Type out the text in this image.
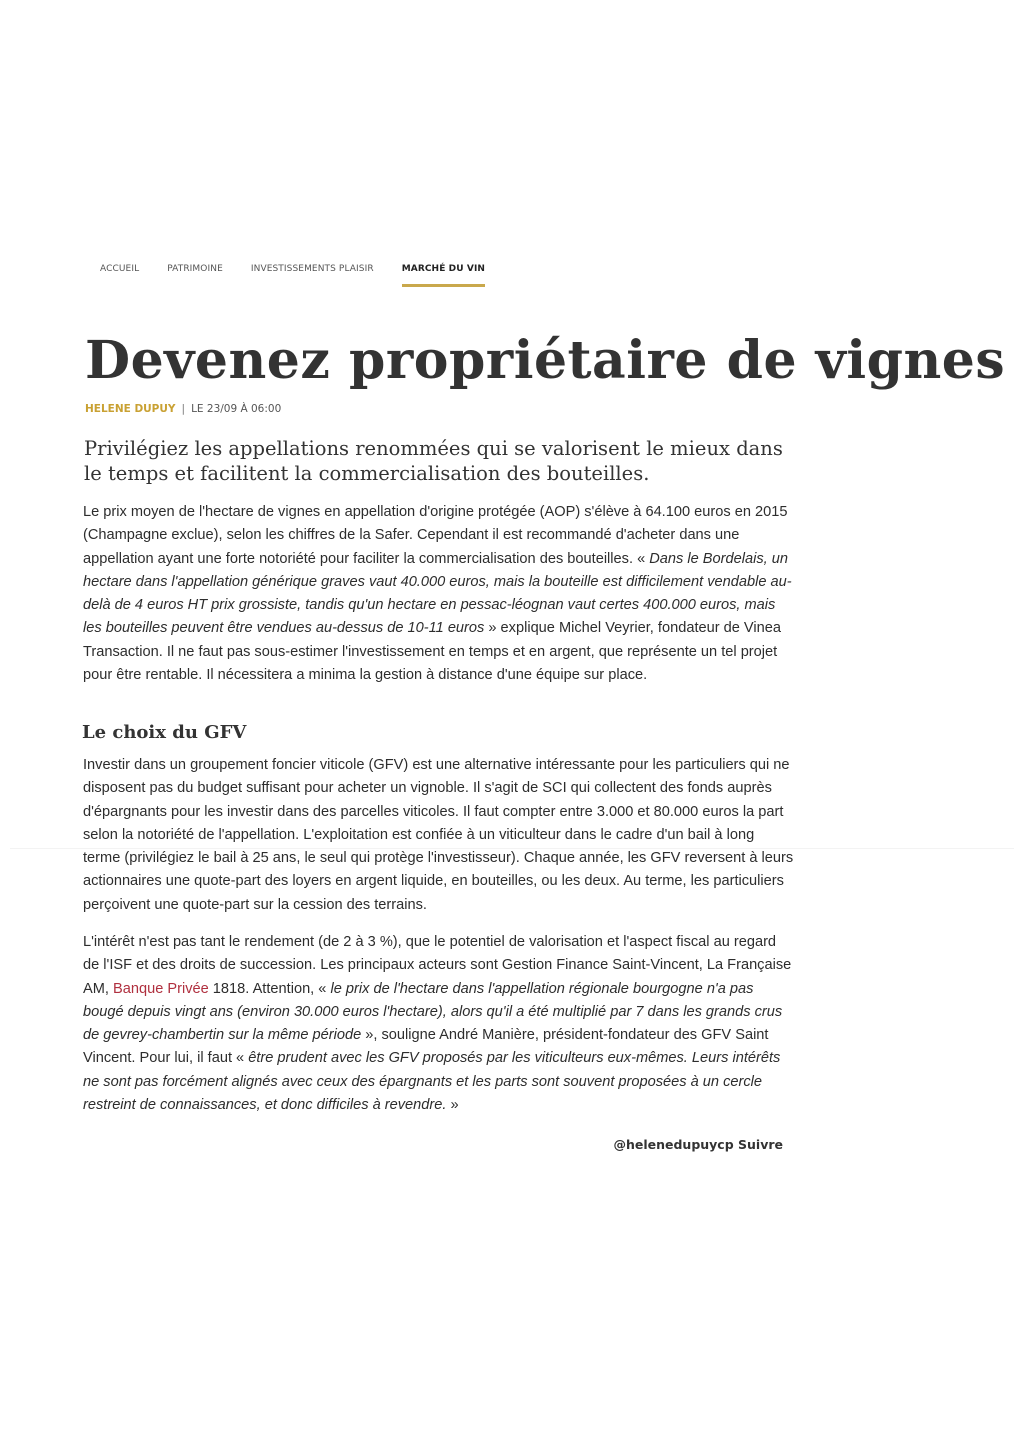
ACCUEIL	PATRIMOINE	INVESTISSEMENTS PLAISIR	MARCHÉ DU VIN
Devenez propriétaire de vignes
HELENE DUPUY | LE 23/09 À 06:00

Privilégiez les appellations renommées qui se valorisent le mieux dans le temps et facilitent la commercialisation des bouteilles.

Le prix moyen de l'hectare de vignes en appellation d'origine protégée (AOP) s'élève à 64.100 euros en 2015 (Champagne exclue), selon les chiffres de la Safer. Cependant il est recommandé d'acheter dans une appellation ayant une forte notoriété pour faciliter la commercialisation des bouteilles. « Dans le Bordelais, un hectare dans l'appellation générique graves vaut 40.000 euros, mais la bouteille est difficilement vendable au-delà de 4 euros HT prix grossiste, tandis qu'un hectare en pessac-léognan vaut certes 400.000 euros, mais les bouteilles peuvent être vendues au-dessus de 10-11 euros » explique Michel Veyrier, fondateur de Vinea Transaction. Il ne faut pas sous-estimer l'investissement en temps et en argent, que représente un tel projet pour être rentable. Il nécessitera a minima la gestion à distance d'une équipe sur place.

Le choix du GFV

Investir dans un groupement foncier viticole (GFV) est une alternative intéressante pour les particuliers qui ne disposent pas du budget suffisant pour acheter un vignoble. Il s'agit de SCI qui collectent des fonds auprès d'épargnants pour les investir dans des parcelles viticoles. Il faut compter entre 3.000 et 80.000 euros la part selon la notoriété de l'appellation. L'exploitation est confiée à un viticulteur dans le cadre d'un bail à long terme (privilégiez le bail à 25 ans, le seul qui protège l'investisseur). Chaque année, les GFV reversent à leurs actionnaires une quote-part des loyers en argent liquide, en bouteilles, ou les deux. Au terme, les particuliers perçoivent une quote-part sur la cession des terrains.

L'intérêt n'est pas tant le rendement (de 2 à 3 %), que le potentiel de valorisation et l'aspect fiscal au regard de l'ISF et des droits de succession. Les principaux acteurs sont Gestion Finance Saint-Vincent, La Française AM, Banque Privée 1818. Attention, « le prix de l'hectare dans l'appellation régionale bourgogne n'a pas bougé depuis vingt ans (environ 30.000 euros l'hectare), alors qu'il a été multiplié par 7 dans les grands crus de gevrey-chambertin sur la même période », souligne André Manière, président-fondateur des GFV Saint Vincent. Pour lui, il faut « être prudent avec les GFV proposés par les viticulteurs eux-mêmes. Leurs intérêts ne sont pas forcément alignés avec ceux des épargnants et les parts sont souvent proposées à un cercle restreint de connaissances, et donc difficiles à revendre. »

@helenedupuycp Suivre
